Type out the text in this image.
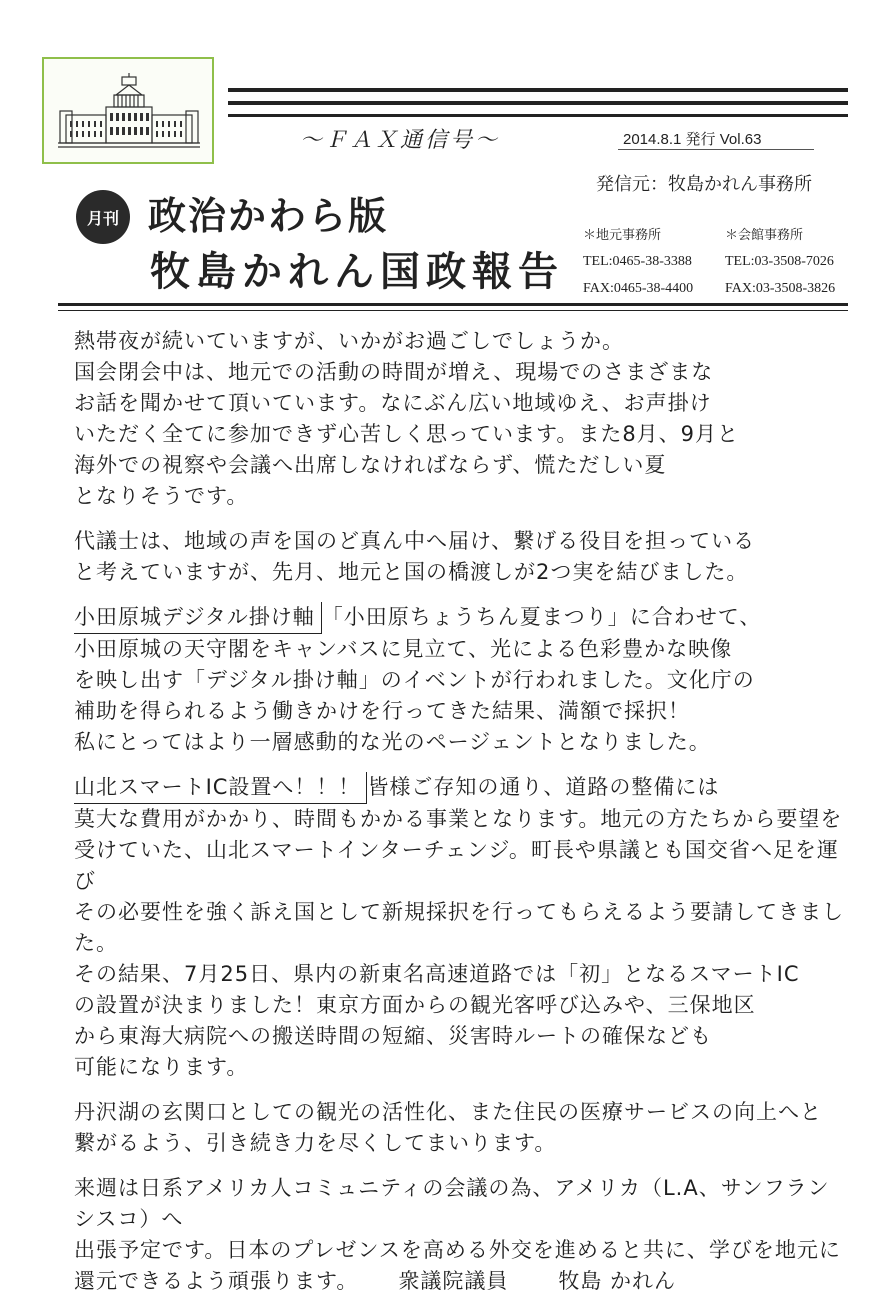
～ＦＡＸ通信号～	2014.8.1 発行 Vol.63
発信元：牧島かれん事務所
月刊 政治かわら版
牧島かれん国政報告
＊地元事務所
TEL:0465-38-3388
FAX:0465-38-4400
＊会館事務所
TEL:03-3508-7026
FAX:03-3508-3826
熱帯夜が続いていますが、いかがお過ごしでしょうか。
国会閉会中は、地元での活動の時間が増え、現場でのさまざまな
お話を聞かせて頂いています。なにぶん広い地域ゆえ、お声掛け
いただく全てに参加できず心苦しく思っています。また8月、9月と
海外での視察や会議へ出席しなければならず、慌ただしい夏
となりそうです。
代議士は、地域の声を国のど真ん中へ届け、繋げる役目を担っている
と考えていますが、先月、地元と国の橋渡しが2つ実を結びました。
小田原城デジタル掛け軸 「小田原ちょうちん夏まつり」に合わせて、
小田原城の天守閣をキャンバスに見立て、光による色彩豊かな映像
を映し出す「デジタル掛け軸」のイベントが行われました。文化庁の
補助を得られるよう働きかけを行ってきた結果、満額で採択！
私にとってはより一層感動的な光のページェントとなりました。
山北スマートIC設置へ！！！ 皆様ご存知の通り、道路の整備には
莫大な費用がかかり、時間もかかる事業となります。地元の方たちから要望を
受けていた、山北スマートインターチェンジ。町長や県議とも国交省へ足を運び
その必要性を強く訴え国として新規採択を行ってもらえるよう要請してきました。
その結果、7月25日、県内の新東名高速道路では「初」となるスマートIC
の設置が決まりました！東京方面からの観光客呼び込みや、三保地区
から東海大病院への搬送時間の短縮、災害時ルートの確保なども
可能になります。
丹沢湖の玄関口としての観光の活性化、また住民の医療サービスの向上へと
繋がるよう、引き続き力を尽くしてまいります。
来週は日系アメリカ人コミュニティの会議の為、アメリカ（L.A、サンフランシスコ）へ
出張予定です。日本のプレゼンスを高める外交を進めると共に、学びを地元に
還元できるよう頑張ります。 衆議院議員 牧島 かれん
